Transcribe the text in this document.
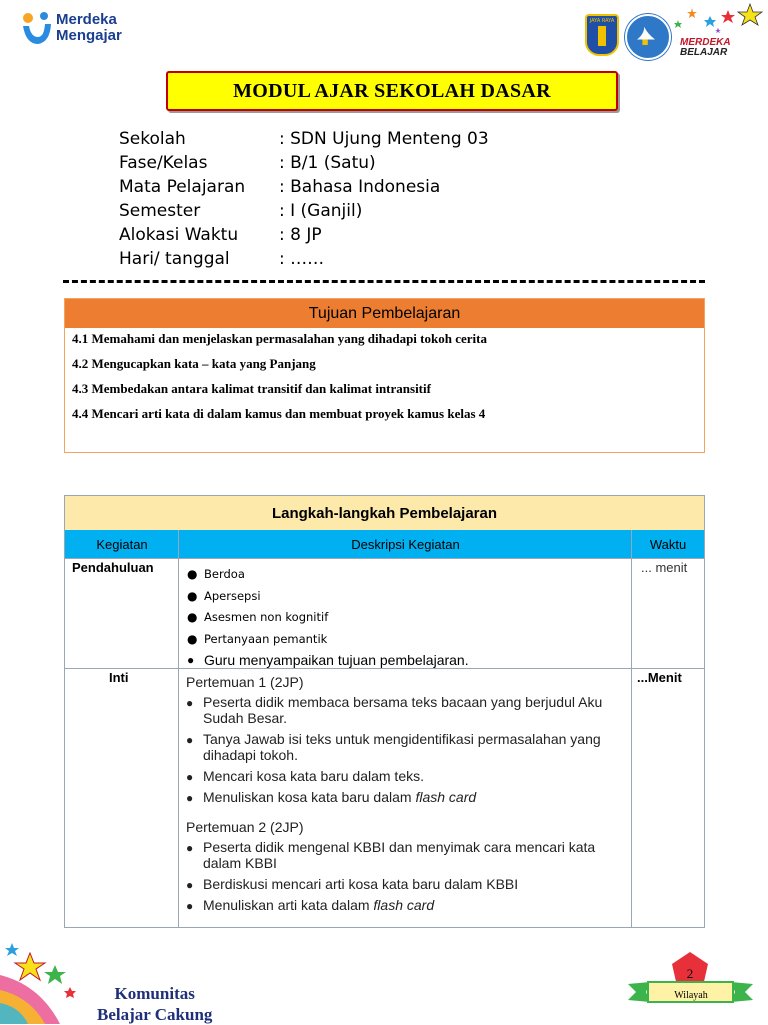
Merdeka
Mengajar
JAYA RAYA
MERDEKA
BELAJAR
MODUL AJAR SEKOLAH DASAR
Sekolah	: SDN Ujung Menteng 03
Fase/Kelas	: B/1 (Satu)
Mata Pelajaran	: Bahasa Indonesia
Semester	: I (Ganjil)
Alokasi Waktu	: 8 JP
Hari/ tanggal	: ……
Tujuan Pembelajaran
4.1 Memahami dan menjelaskan permasalahan yang dihadapi tokoh cerita
4.2 Mengucapkan kata – kata yang Panjang
4.3 Membedakan antara kalimat transitif dan kalimat intransitif
4.4 Mencari arti kata di dalam kamus dan membuat proyek kamus kelas 4
Langkah-langkah Pembelajaran
Kegiatan	Deskripsi Kegiatan	Waktu
Pendahuluan
●	Berdoa
● Apersepsi
● Asesmen non kognitif
● Pertanyaan pemantik
● Guru menyampaikan tujuan pembelajaran.
... menit
Inti	...Menit
Pertemuan 1 (2JP)
● Peserta didik membaca bersama teks bacaan yang berjudul Aku Sudah Besar.
● Tanya Jawab isi teks untuk mengidentifikasi permasalahan yang dihadapi tokoh.
● Mencari kosa kata baru dalam teks.
● Menuliskan kosa kata baru dalam flash card
Pertemuan 2 (2JP)
● Peserta didik mengenal KBBI dan menyimak cara mencari kata dalam KBBI
● Berdiskusi mencari arti kosa kata baru dalam KBBI
● Menuliskan arti kata dalam flash card
Komunitas
Belajar Cakung
2
Wilayah
